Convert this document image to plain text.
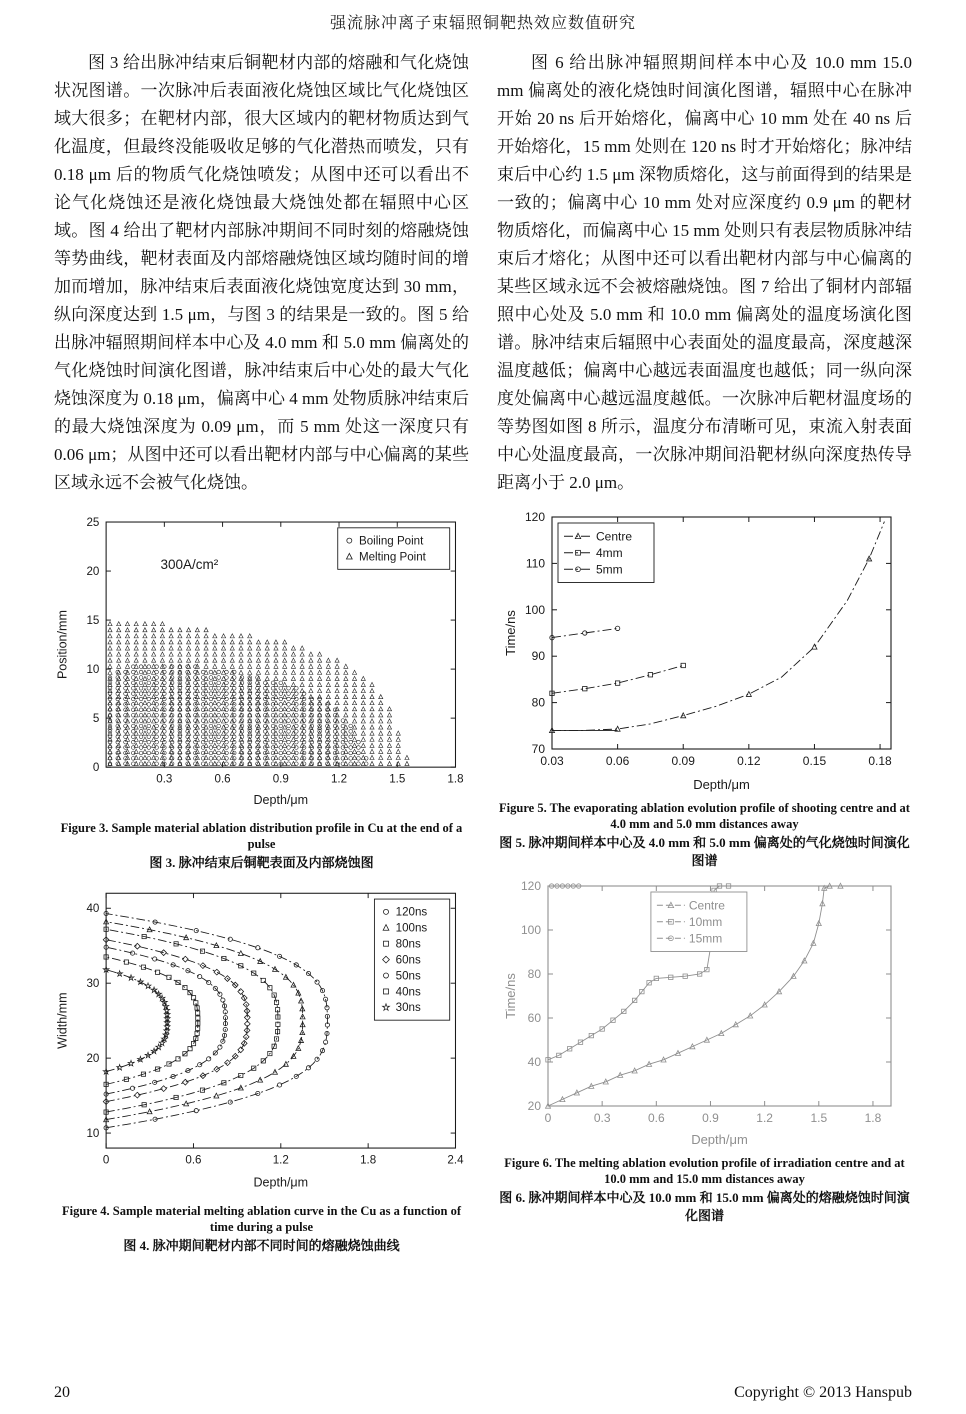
强流脉冲离子束辐照铜靶热效应数值研究

图 3 给出脉冲结束后铜靶材内部的熔融和气化烧蚀状况图谱。一次脉冲后表面液化烧蚀区域比气化烧蚀区域大很多；在靶材内部，很大区域内的靶材物质达到气化温度，但最终没能吸收足够的气化潜热而喷发，只有 0.18 μm 后的物质气化烧蚀喷发；从图中还可以看出不论气化烧蚀还是液化烧蚀最大烧蚀处都在辐照中心区域。图 4 给出了靶材内部脉冲期间不同时刻的熔融烧蚀等势曲线，靶材表面及内部熔融烧蚀区域均随时间的增加而增加，脉冲结束后表面液化烧蚀宽度达到 30 mm，纵向深度达到 1.5 μm，与图 3 的结果是一致的。图 5 给出脉冲辐照期间样本中心及 4.0 mm 和 5.0 mm 偏离处的气化烧蚀时间演化图谱，脉冲结束后中心处的最大气化烧蚀深度为 0.18 μm，偏离中心 4 mm 处物质脉冲结束后的最大烧蚀深度为 0.09 μm，而 5 mm 处这一深度只有 0.06 μm；从图中还可以看出靶材内部与中心偏离的某些区域永远不会被气化烧蚀。

0.3	0.6	0.9	1.2	1.5	1.8
0
5
10
15
20
25
Depth/μm
Position/mm
300A/cm²
Boiling Point
Melting Point
Figure 3. Sample material ablation distribution profile in Cu at the end of a pulse
图 3. 脉冲结束后铜靶表面及内部烧蚀图
0	0.6	1.2	1.8	2.4
10
20
30
40
Depth/μm
Width/mm
120ns
100ns
80ns
60ns
50ns
40ns
30ns
Figure 4. Sample material melting ablation curve in the Cu as a function of time during a pulse
图 4. 脉冲期间靶材内部不同时间的熔融烧蚀曲线

图 6 给出脉冲辐照期间样本中心及 10.0 mm 15.0 mm 偏离处的液化烧蚀时间演化图谱，辐照中心在脉冲开始 20 ns 后开始熔化，偏离中心 10 mm 处在 40 ns 后开始熔化，15 mm 处则在 120 ns 时才开始熔化；脉冲结束后中心约 1.5 μm 深物质熔化，这与前面得到的结果是一致的；偏离中心 10 mm 处对应深度约 0.9 μm 的靶材物质熔化，而偏离中心 15 mm 处则只有表层物质脉冲结束后才熔化；从图中还可以看出靶材内部与中心偏离的某些区域永远不会被熔融烧蚀。图 7 给出了铜材内部辐照中心处及 5.0 mm 和 10.0 mm 偏离处的温度场演化图谱。脉冲结束后辐照中心表面处的温度最高，深度越深温度越低；偏离中心越远表面温度也越低；同一纵向深度处偏离中心越远温度越低。一次脉冲后靶材温度场的等势图如图 8 所示，温度分布清晰可见，束流入射表面中心处温度最高，一次脉冲期间沿靶材纵向深度热传导距离小于 2.0 μm。

0.03	0.06	0.09	0.12	0.15	0.18
70
80
90
100
110
120
Depth/μm
Time/ns
Centre
4mm
5mm
Figure 5. The evaporating ablation evolution profile of shooting centre and at 4.0 mm and 5.0 mm distances away
图 5. 脉冲期间样本中心及 4.0 mm 和 5.0 mm 偏离处的气化烧蚀时间演化图谱
0	0.3	0.6	0.9	1.2	1.5	1.8
20
40
60
80
100
120
Depth/μm
Time/ns
Centre
10mm
15mm
Figure 6. The melting ablation evolution profile of irradiation centre and at 10.0 mm and 15.0 mm distances away
图 6. 脉冲期间样本中心及 10.0 mm 和 15.0 mm 偏离处的熔融烧蚀时间演化图谱
20	Copyright © 2013 Hanspub
